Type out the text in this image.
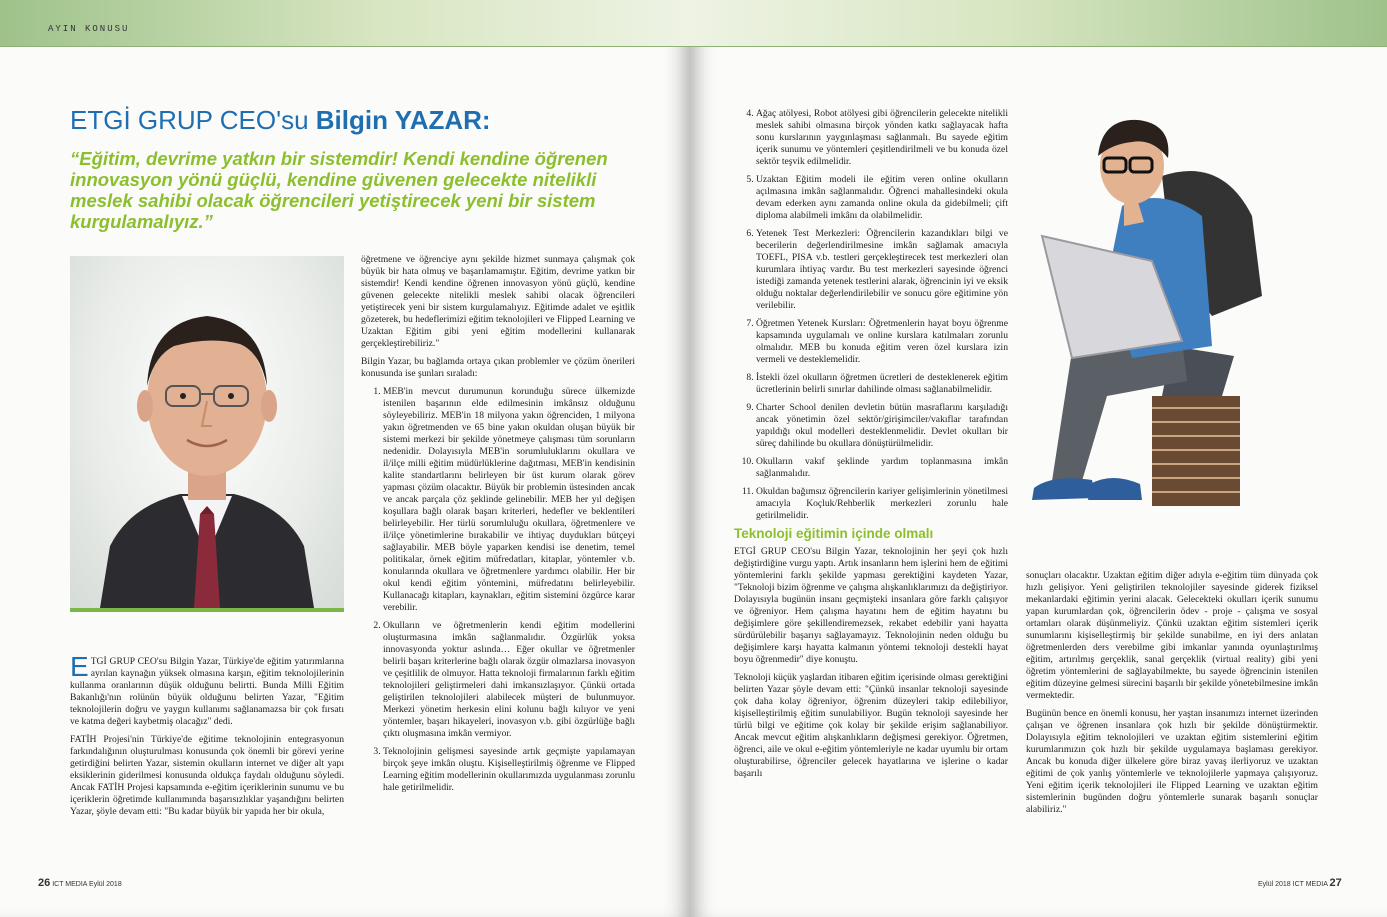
AYIN KONUSU
ETGİ GRUP CEO'su Bilgin YAZAR:
“Eğitim, devrime yatkın bir sistemdir! Kendi kendine öğrenen innovasyon yönü güçlü, kendine güvenen gelecekte nitelikli meslek sahibi olacak öğrencileri yetiştirecek yeni bir sistem kurgulamalıyız.”

ETGİ GRUP CEO'su Bilgin Yazar, Türkiye'de eğitim yatırımlarına ayrılan kaynağın yüksek olmasına karşın, eğitim teknolojilerinin kullanma oranlarının düşük olduğunu belirtti. Bunda Milli Eğitim Bakanlığı'nın rolünün büyük olduğunu belirten Yazar, "Eğitim teknolojilerin doğru ve yaygın kullanımı sağlanamazsa bir çok fırsatı ve katma değeri kaybetmiş olacağız" dedi.

FATİH Projesi'nin Türkiye'de eğitime teknolojinin entegrasyonun farkındalığının oluşturulması konusunda çok önemli bir görevi yerine getirdiğini belirten Yazar, sistemin okulların internet ve diğer alt yapı eksiklerinin giderilmesi konusunda oldukça faydalı olduğunu söyledi. Ancak FATİH Projesi kapsamında e-eğitim içeriklerinin sunumu ve bu içeriklerin öğretimde kullanımında başarısızlıklar yaşandığını belirten Yazar, şöyle devam etti: "Bu kadar büyük bir yapıda her bir okula,

öğretmene ve öğrenciye aynı şekilde hizmet sunmaya çalışmak çok büyük bir hata olmuş ve başarılamamıştır. Eğitim, devrime yatkın bir sistemdir! Kendi kendine öğrenen innovasyon yönü güçlü, kendine güvenen gelecekte nitelikli meslek sahibi olacak öğrencileri yetiştirecek yeni bir sistem kurgulamalıyız. Eğitimde adalet ve eşitlik gözeterek, bu hedeflerimizi eğitim teknolojileri ve Flipped Learning ve Uzaktan Eğitim gibi yeni eğitim modellerini kullanarak gerçekleştirebiliriz."

Bilgin Yazar, bu bağlamda ortaya çıkan problemler ve çözüm önerileri konusunda ise şunları sıraladı:

1. MEB'in mevcut durumunun korunduğu sürece ülkemizde istenilen başarının elde edilmesinin imkânsız olduğunu söyleyebiliriz. MEB'in 18 milyona yakın öğrenciden, 1 milyona yakın öğretmenden ve 65 bine yakın okuldan oluşan büyük bir sistemi merkezi bir şekilde yönetmeye çalışması tüm sorunların nedenidir. Dolayısıyla MEB'in sorumluluklarını okullara ve il/ilçe milli eğitim müdürlüklerine dağıtması, MEB'in kendisinin kalite standartlarını belirleyen bir üst kurum olarak görev yapması çözüm olacaktır. Büyük bir problemin üstesinden ancak ve ancak parçala çöz şeklinde gelinebilir. MEB her yıl değişen koşullara bağlı olarak başarı kriterleri, hedefler ve beklentileri belirleyebilir. Her türlü sorumluluğu okullara, öğretmenlere ve il/ilçe yönetimlerine bırakabilir ve ihtiyaç duydukları bütçeyi sağlayabilir. MEB böyle yaparken kendisi ise denetim, temel politikalar, örnek eğitim müfredatları, kitaplar, yöntemler v.b. konularında okullara ve öğretmenlere yardımcı olabilir. Her bir okul kendi eğitim yöntemini, müfredatını belirleyebilir. Kullanacağı kitapları, kaynakları, eğitim sistemini özgürce karar verebilir.
2. Okulların ve öğretmenlerin kendi eğitim modellerini oluşturmasına imkân sağlanmalıdır. Özgürlük yoksa innovasyonda yoktur aslında… Eğer okullar ve öğretmenler belirli başarı kriterlerine bağlı olarak özgür olmazlarsa inovasyon ve çeşitlilik de olmuyor. Hatta teknoloji firmalarının farklı eğitim teknolojileri geliştirmeleri dahi imkansızlaşıyor. Çünkü ortada geliştirilen teknolojileri alabilecek müşteri de bulunmuyor. Merkezi yönetim herkesin elini kolunu bağlı kılıyor ve yeni yöntemler, başarı hikayeleri, inovasyon v.b. gibi özgürlüğe bağlı çıktı oluşmasına imkân vermiyor.
3. Teknolojinin gelişmesi sayesinde artık geçmişte yapılamayan birçok şeye imkân oluştu. Kişiselleştirilmiş öğrenme ve Flipped Learning eğitim modellerinin okullarımızda uygulanması zorunlu hale getirilmelidir.
26 ICT MEDIA Eylül 2018
4. Ağaç atölyesi, Robot atölyesi gibi öğrencilerin gelecekte nitelikli meslek sahibi olmasına birçok yönden katkı sağlayacak hafta sonu kurslarının yaygınlaşması sağlanmalı. Bu sayede eğitim içerik sunumu ve yöntemleri çeşitlendirilmeli ve bu konuda özel sektör teşvik edilmelidir.
5. Uzaktan Eğitim modeli ile eğitim veren online okulların açılmasına imkân sağlanmalıdır. Öğrenci mahallesindeki okula devam ederken aynı zamanda online okula da gidebilmeli; çift diploma alabilmeli imkânı da olabilmelidir.
6. Yetenek Test Merkezleri: Öğrencilerin kazandıkları bilgi ve becerilerin değerlendirilmesine imkân sağlamak amacıyla TOEFL, PISA v.b. testleri gerçekleştirecek test merkezleri olan kurumlara ihtiyaç vardır. Bu test merkezleri sayesinde öğrenci istediği zamanda yetenek testlerini alarak, öğrencinin iyi ve eksik olduğu noktalar değerlendirilebilir ve sonucu göre eğitimine yön verilebilir.
7. Öğretmen Yetenek Kursları: Öğretmenlerin hayat boyu öğrenme kapsamında uygulamalı ve online kurslara katılmaları zorunlu olmalıdır. MEB bu konuda eğitim veren özel kurslara izin vermeli ve desteklemelidir.
8. İstekli özel okulların öğretmen ücretleri de desteklenerek eğitim ücretlerinin belirli sınırlar dahilinde olması sağlanabilmelidir.
9. Charter School denilen devletin bütün masraflarını karşıladığı ancak yönetimin özel sektör/girişimciler/vakıflar tarafından yapıldığı okul modelleri desteklenmelidir. Devlet okulları bir süreç dahilinde bu okullara dönüştürülmelidir.
10. Okulların vakıf şeklinde yardım toplanmasına imkân sağlanmalıdır.
11. Okuldan bağımsız öğrencilerin kariyer gelişimlerinin yönetilmesi amacıyla Koçluk/Rehberlik merkezleri zorunlu hale getirilmelidir.
Teknoloji eğitimin içinde olmalı

ETGİ GRUP CEO'su Bilgin Yazar, teknolojinin her şeyi çok hızlı değiştirdiğine vurgu yaptı. Artık insanların hem işlerini hem de eğitimi yöntemlerini farklı şekilde yapması gerektiğini kaydeten Yazar, "Teknoloji bizim öğrenme ve çalışma alışkanlıklarımızı da değiştiriyor. Dolayısıyla bugünün insanı geçmişteki insanlara göre farklı çalışıyor ve öğreniyor. Hem çalışma hayatını hem de eğitim hayatını bu değişimlere göre şekillendiremezsek, rekabet edebilir yani hayatta sürdürülebilir başarıyı sağlayamayız. Teknolojinin neden olduğu bu değişimlere karşı hayatta kalmanın yöntemi teknoloji destekli hayat boyu öğrenmedir" diye konuştu.

Teknoloji küçük yaşlardan itibaren eğitim içerisinde olması gerektiğini belirten Yazar şöyle devam etti: "Çünkü insanlar teknoloji sayesinde çok daha kolay öğreniyor, öğrenim düzeyleri takip edilebiliyor, kişiselleştirilmiş eğitim sunulabiliyor. Bugün teknoloji sayesinde her türlü bilgi ve eğitime çok kolay bir şekilde erişim sağlanabiliyor. Ancak mevcut eğitim alışkanlıkların değişmesi gerekiyor. Öğretmen, öğrenci, aile ve okul e-eğitim yöntemleriyle ne kadar uyumlu bir ortam oluşturabilirse, öğrenciler gelecek hayatlarına ve işlerine o kadar başarılı

sonuçları olacaktır. Uzaktan eğitim diğer adıyla e-eğitim tüm dünyada çok hızlı gelişiyor. Yeni geliştirilen teknolojiler sayesinde giderek fiziksel mekanlardaki eğitimin yerini alacak. Gelecekteki okulları içerik sunumu yapan kurumlardan çok, öğrencilerin ödev - proje - çalışma ve sosyal ortamları olarak düşünmeliyiz. Çünkü uzaktan eğitim sistemleri içerik sunumlarını kişiselleştirmiş bir şekilde sunabilme, en iyi ders anlatan öğretmenlerden ders verebilme gibi imkanlar yanında oyunlaştırılmış eğitim, artırılmış gerçeklik, sanal gerçeklik (virtual reality) gibi yeni öğretim yöntemlerini de sağlayabilmekte, bu sayede öğrencinin istenilen eğitim düzeyine gelmesi sürecini başarılı bir şekilde yönetebilmesine imkân vermektedir.

Bugünün bence en önemli konusu, her yaştan insanımızı internet üzerinden çalışan ve öğrenen insanlara çok hızlı bir şekilde dönüştürmektir. Dolayısıyla eğitim teknolojileri ve uzaktan eğitim sistemlerini eğitim kurumlarımızın çok hızlı bir şekilde uygulamaya başlaması gerekiyor. Ancak bu konuda diğer ülkelere göre biraz yavaş ilerliyoruz ve uzaktan eğitimi de çok yanlış yöntemlerle ve teknolojilerle yapmaya çalışıyoruz. Yeni eğitim içerik teknolojileri ile Flipped Learning ve uzaktan eğitim sistemlerinin bugünden doğru yöntemlerle sunarak başarılı sonuçlar alabiliriz."

Eylül 2018 ICT MEDIA 27
